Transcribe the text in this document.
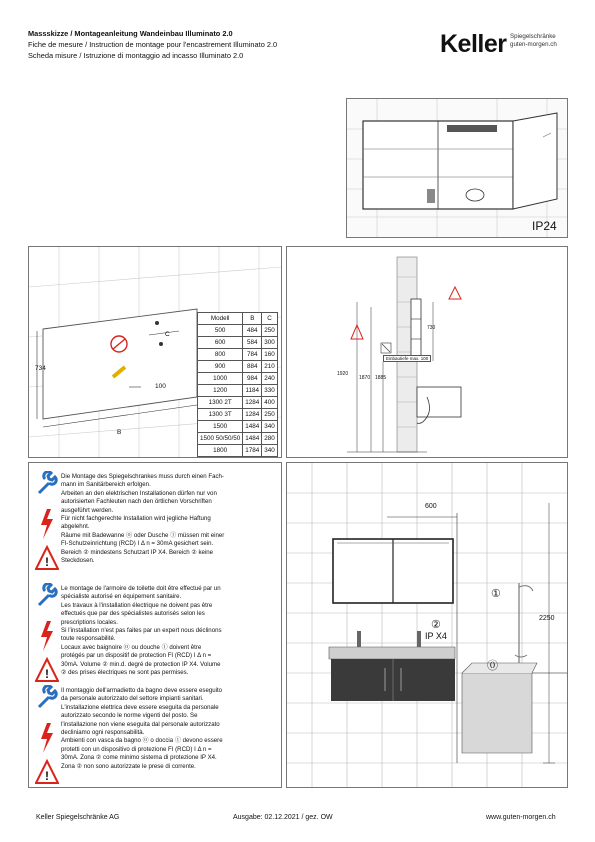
Massskizze / Montageanleitung Wandeinbau Illuminato 2.0
Fiche de mesure / Instruction de montage pour l'encastrement Illuminato 2.0
Scheda misure / Istruzione di montaggio ad incasso Illuminato 2.0	Keller Spiegelschränke
guten-morgen.ch
IP24
734
C
100
B
Modell	B	C
500	484	250
600	584	300
800	784	160
900	884	210
1000	984	240
1200	1184	330
1300 2T	1284	400
1300 3T	1284	250
1500	1484	340
1500 50/50/50	1484	280
1800	1784	340
730
1920
1870 1885
Einbautiefe max. 100
!
Die Montage des Spiegelschrankes muss durch einen Fach-
mann im Sanitärbereich erfolgen.
Arbeiten an den elektrischen Installationen dürfen nur von
autorisierten Fachleuten nach den örtlichen Vorschriften
ausgeführt werden.
Für nicht fachgerechte Installation wird jegliche Haftung
abgelehnt.
Räume mit Badewanne ⓪ oder Dusche ① müssen mit einer
FI-Schutzeinrichtung (RCD) I Δ n = 30mA gesichert sein.
Bereich ② mindestens Schutzart IP X4. Bereich ② keine
Steckdosen.
!
Le montage de l'armoire de toilette doit être effectué par un
spécialiste autorisé en équipement sanitaire.
Les travaux à l'installation électrique ne doivent pas être
effectués que par des spécialistes autorisés selon les
prescriptions locales.
Si l'installation n'est pas faites par un expert nous déclinons
toute responsabilité.
Locaux avec baignoire ⓪ ou douche ① doivent être
protégés par un dispositif de protection FI (RCD) I Δ n =
30mA. Volume ② min.d. degré de protection IP X4. Volume
② des prises électriques ne sont pas permises.
!
Il montaggio dell'armadietto da bagno deve essere eseguito
da personale autorizzato del settore impianti sanitari.
L'installazione elettrica deve essere eseguita da personale
autorizzato secondo le norme vigenti del posto. Se
l'installazione non viene eseguita dal personale autorizzato
decliniamo ogni responsabilità.
Ambienti con vasca da bagno ⓪ o doccia ① devono essere
protetti con un dispositivo di protezione FI (RCD) I Δ n =
30mA. Zona ② come minimo sistema di protezione IP X4.
Zona ② non sono autorizzate le prese di corrente.
600
2250
①
②
IP X4
⓪
Keller Spiegelschränke AG	Ausgabe: 02.12.2021 / gez. OW	www.guten-morgen.ch
